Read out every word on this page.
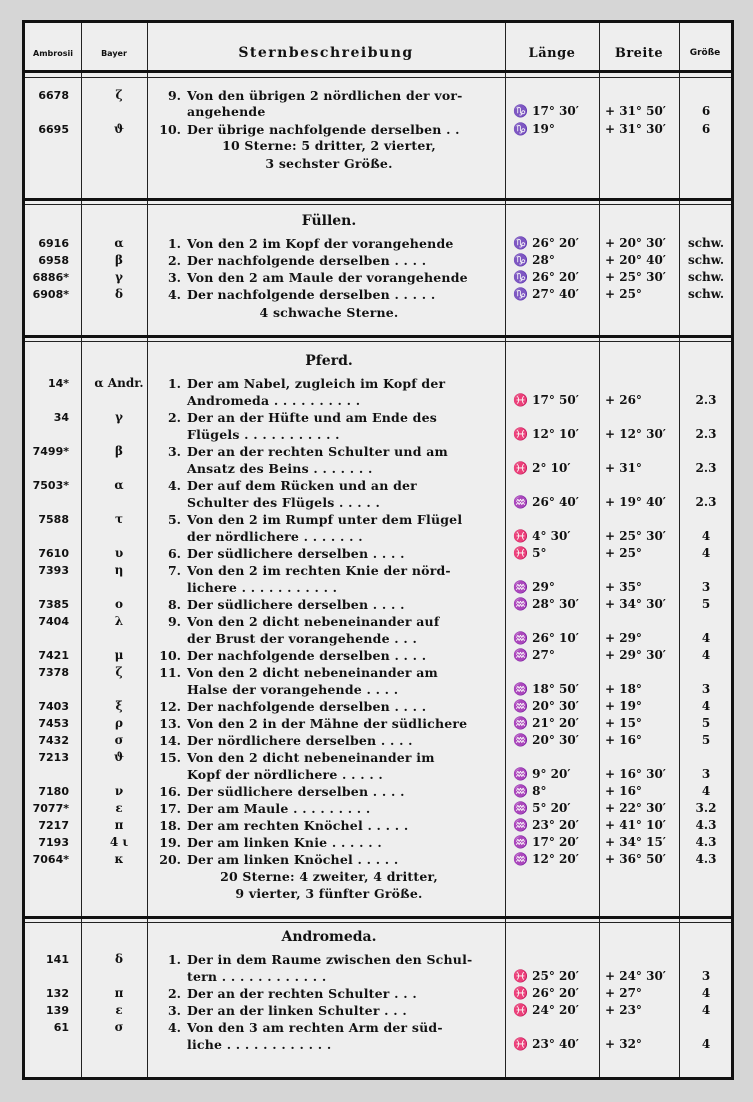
Ambrosii	Bayer	Sternbeschreibung	Länge	Breite	Größe
6678	ζ	9. Von den übrigen 2 nördlichen der vor-
angehende	♑ 17° 30′	+ 31° 50′	6
6695	ϑ	10. Der übrige nachfolgende derselben . .	♑ 19°	+ 31° 30′	6
10 Sterne: 5 dritter, 2 vierter,
3 sechster Größe.
Füllen.
6916	α	1. Von den 2 im Kopf der vorangehende	♑ 26° 20′	+ 20° 30′	schw.
6958	β	2. Der nachfolgende derselben . . . .	♑ 28°	+ 20° 40′	schw.
6886*	γ	3. Von den 2 am Maule der vorangehende	♑ 26° 20′	+ 25° 30′	schw.
6908*	δ	4. Der nachfolgende derselben . . . . .	♑ 27° 40′	+ 25°	schw.
4 schwache Sterne.
Pferd.
14* α Andr.	1. Der am Nabel, zugleich im Kopf der
Andromeda . . . . . . . . . .	♓ 17° 50′	+ 26°	2.3
34	γ	2. Der an der Hüfte und am Ende des
Flügels . . . . . . . . . . .	♓ 12° 10′	+ 12° 30′	2.3
7499*	β	3. Der an der rechten Schulter und am
Ansatz des Beins . . . . . . .	♓ 2° 10′	+ 31°	2.3
7503*	α	4. Der auf dem Rücken und an der
Schulter des Flügels . . . . .	♒ 26° 40′	+ 19° 40′	2.3
7588	τ	5. Von den 2 im Rumpf unter dem Flügel
der nördlichere . . . . . . .	♓ 4° 30′	+ 25° 30′	4
7610	υ	6. Der südlichere derselben . . . .	♓ 5°	+ 25°	4
7393	η	7. Von den 2 im rechten Knie der nörd-
lichere . . . . . . . . . . .	♒ 29°	+ 35°	3
7385	ο	8. Der südlichere derselben . . . .	♒ 28° 30′	+ 34° 30′	5
7404	λ	9. Von den 2 dicht nebeneinander auf
der Brust der vorangehende . . .	♒ 26° 10′	+ 29°	4
7421	μ	10. Der nachfolgende derselben . . . .	♒ 27°	+ 29° 30′	4
7378	ζ	11. Von den 2 dicht nebeneinander am
Halse der vorangehende . . . .	♒ 18° 50′	+ 18°	3
7403	ξ	12. Der nachfolgende derselben . . . .	♒ 20° 30′	+ 19°	4
7453	ρ	13. Von den 2 in der Mähne der südlichere	♒ 21° 20′	+ 15°	5
7432	σ	14. Der nördlichere derselben . . . .	♒ 20° 30′	+ 16°	5
7213	ϑ	15. Von den 2 dicht nebeneinander im
Kopf der nördlichere . . . . .	♒ 9° 20′	+ 16° 30′	3
7180	ν	16. Der südlichere derselben . . . .	♒ 8°	+ 16°	4
7077*	ε	17. Der am Maule . . . . . . . . .	♒ 5° 20′	+ 22° 30′	3.2
7217	π	18. Der am rechten Knöchel . . . . .	♒ 23° 20′	+ 41° 10′	4.3
7193	4 ι	19. Der am linken Knie . . . . . .	♒ 17° 20′	+ 34° 15′	4.3
7064*	κ	20. Der am linken Knöchel . . . . .	♒ 12° 20′	+ 36° 50′	4.3
20 Sterne: 4 zweiter, 4 dritter,
9 vierter, 3 fünfter Größe.
Andromeda.
141	δ	1. Der in dem Raume zwischen den Schul-
tern . . . . . . . . . . . .	♓ 25° 20′	+ 24° 30′	3
132	π	2. Der an der rechten Schulter . . .	♓ 26° 20′	+ 27°	4
139	ε	3. Der an der linken Schulter . . .	♓ 24° 20′	+ 23°	4
61	σ	4. Von den 3 am rechten Arm der süd-
liche . . . . . . . . . . . .	♓ 23° 40′	+ 32°	4
